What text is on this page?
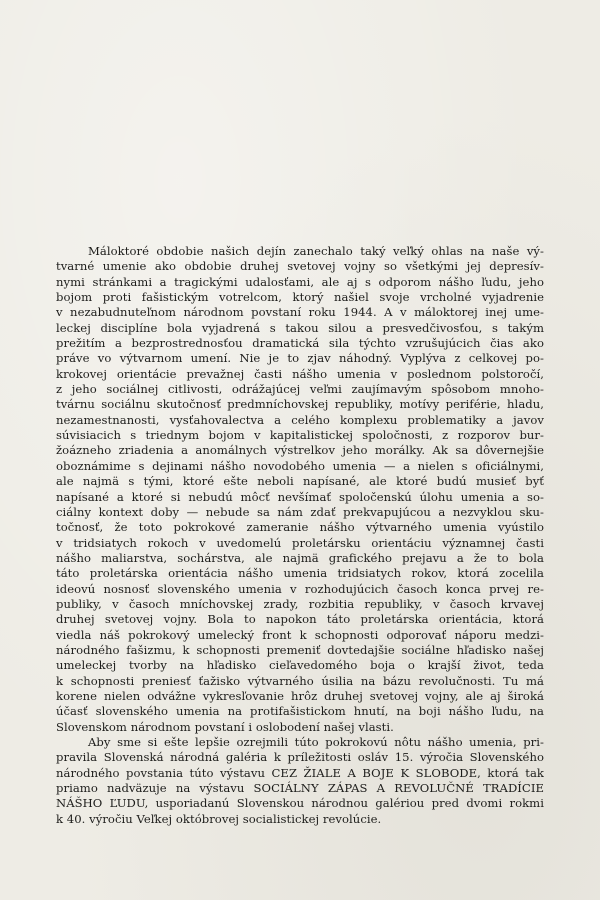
Máloktoré obdobie našich dejín zanechalo taký veľký ohlas na naše vý-
tvarné umenie ako obdobie druhej svetovej vojny so všetkými jej depresív-
nymi stránkami a tragickými udalosťami, ale aj s odporom nášho ľudu, jeho
bojom proti fašistickým votrelcom, ktorý našiel svoje vrcholné vyjadrenie
v nezabudnuteľnom národnom povstaní roku 1944. A v máloktorej inej ume-
leckej disciplíne bola vyjadrená s takou silou a presvedčivosťou, s takým
prežitím a bezprostrednosťou dramatická sila týchto vzrušujúcich čias ako
práve vo výtvarnom umení. Nie je to zjav náhodný. Vyplýva z celkovej po-
krokovej orientácie prevažnej časti nášho umenia v poslednom polstoročí,
z jeho sociálnej citlivosti, odrážajúcej veľmi zaujímavým spôsobom mnoho-
tvárnu sociálnu skutočnosť predmníchovskej republiky, motívy periférie, hladu,
nezamestnanosti, vysťahovalectva a celého komplexu problematiky a javov
súvisiacich s triednym bojom v kapitalistickej spoločnosti, z rozporov bur-
žoázneho zriadenia a anomálnych výstrelkov jeho morálky. Ak sa dôvernejšie
oboznámime s dejinami nášho novodobého umenia — a nielen s oficiálnymi,
ale najmä s tými, ktoré ešte neboli napísané, ale ktoré budú musieť byť
napísané a ktoré si nebudú môcť nevšímať spoločenskú úlohu umenia a so-
ciálny kontext doby — nebude sa nám zdať prekvapujúcou a nezvyklou sku-
točnosť, že toto pokrokové zameranie nášho výtvarného umenia vyústilo
v tridsiatych rokoch v uvedomelú proletársku orientáciu významnej časti
nášho maliarstva, sochárstva, ale najmä grafického prejavu a že to bola
táto proletárska orientácia nášho umenia tridsiatych rokov, ktorá zocelila
ideovú nosnosť slovenského umenia v rozhodujúcich časoch konca prvej re-
publiky, v časoch mníchovskej zrady, rozbitia republiky, v časoch krvavej
druhej svetovej vojny. Bola to napokon táto proletárska orientácia, ktorá
viedla náš pokrokový umelecký front k schopnosti odporovať náporu medzi-
národného fašizmu, k schopnosti premeniť dovtedajšie sociálne hľadisko našej
umeleckej tvorby na hľadisko cieľavedomého boja o krajší život, teda
k schopnosti preniesť ťažisko výtvarného úsilia na bázu revolučnosti. Tu má
korene nielen odvážne vykresľovanie hrôz druhej svetovej vojny, ale aj široká
účasť slovenského umenia na protifašistickom hnutí, na boji nášho ľudu, na
Slovenskom národnom povstaní i oslobodení našej vlasti.
Aby sme si ešte lepšie ozrejmili túto pokrokovú nôtu nášho umenia, pri-
pravila Slovenská národná galéria k príležitosti osláv 15. výročia Slovenského
národného povstania túto výstavu CEZ ŽIALE A BOJE K SLOBODE, ktorá tak
priamo nadväzuje na výstavu SOCIÁLNY ZÁPAS A REVOLUČNÉ TRADÍCIE
NÁŠHO ĽUDU, usporiadanú Slovenskou národnou galériou pred dvomi rokmi
k 40. výročiu Veľkej októbrovej socialistickej revolúcie.
